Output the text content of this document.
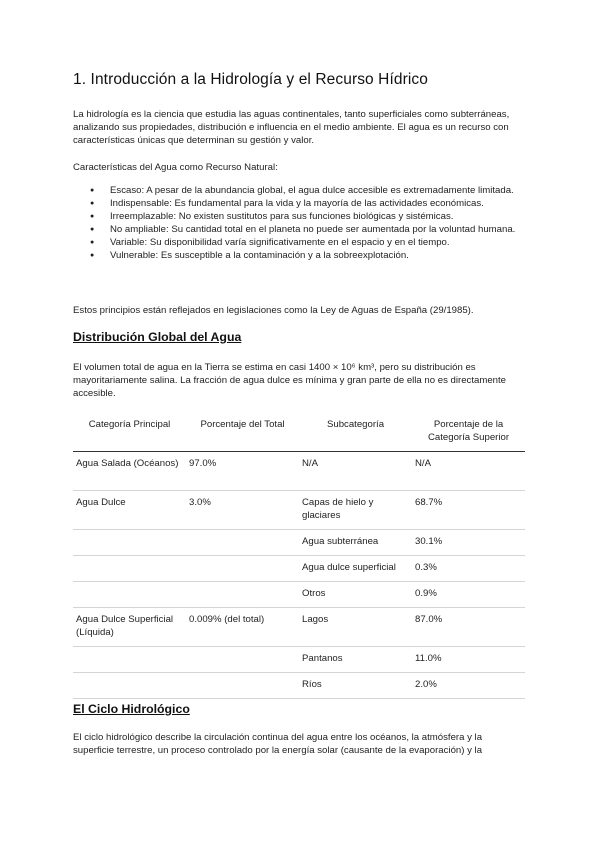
1. Introducción a la Hidrología y el Recurso Hídrico

La hidrología es la ciencia que estudia las aguas continentales, tanto superficiales como subterráneas, analizando sus propiedades, distribución e influencia en el medio ambiente. El agua es un recurso con características únicas que determinan su gestión y valor.

Características del Agua como Recurso Natural:

● Escaso: A pesar de la abundancia global, el agua dulce accesible es extremadamente limitada.
● Indispensable: Es fundamental para la vida y la mayoría de las actividades económicas.
● Irreemplazable: No existen sustitutos para sus funciones biológicas y sistémicas.
● No ampliable: Su cantidad total en el planeta no puede ser aumentada por la voluntad humana.
● Variable: Su disponibilidad varía significativamente en el espacio y en el tiempo.
● Vulnerable: Es susceptible a la contaminación y a la sobreexplotación.

Estos principios están reflejados en legislaciones como la Ley de Aguas de España (29/1985).

Distribución Global del Agua

El volumen total de agua en la Tierra se estima en casi 1400 × 10⁶ km³, pero su distribución es mayoritariamente salina. La fracción de agua dulce es mínima y gran parte de ella no es directamente accesible.

Categoría Principal	Porcentaje del Total	Subcategoría	Porcentaje de la Categoría Superior
Agua Salada (Océanos)	97.0%	N/A	N/A
Agua Dulce	3.0%	Capas de hielo y glaciares	68.7%
		Agua subterránea	30.1%
		Agua dulce superficial	0.3%
		Otros	0.9%
Agua Dulce Superficial (Líquida)	0.009% (del total)	Lagos	87.0%
		Pantanos	11.0%
		Ríos	2.0%
El Ciclo Hidrológico

El ciclo hidrológico describe la circulación continua del agua entre los océanos, la atmósfera y la superficie terrestre, un proceso controlado por la energía solar (causante de la evaporación) y la
